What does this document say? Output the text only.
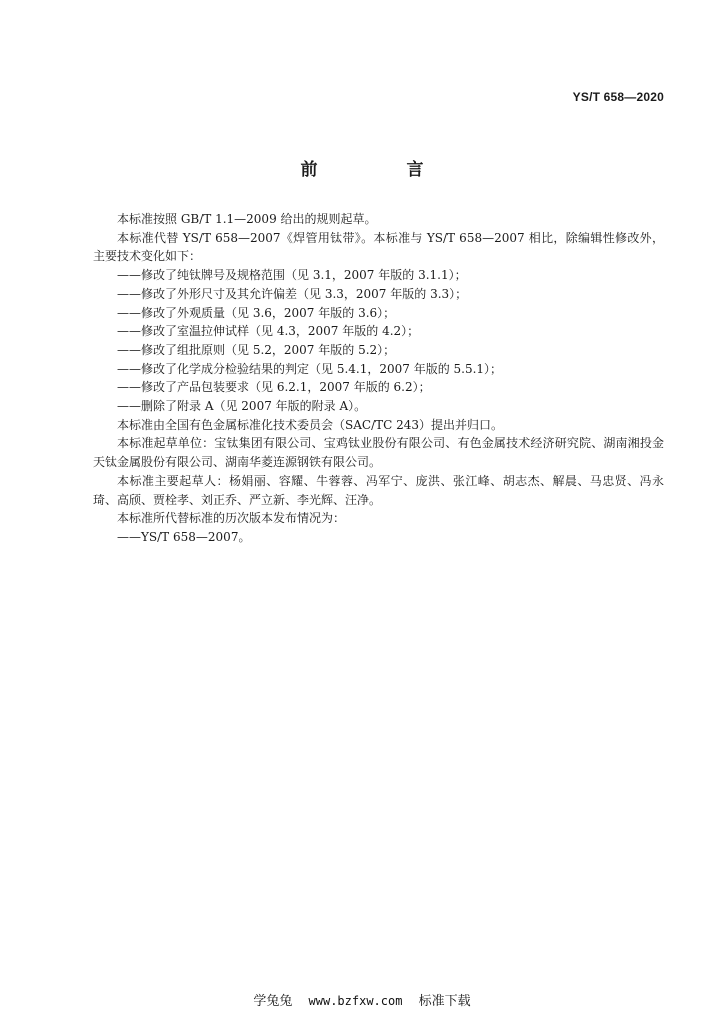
YS/T 658—2020
前　言

本标准按照 GB/T 1.1—2009 给出的规则起草。

本标准代替 YS/T 658—2007《焊管用钛带》。本标准与 YS/T 658—2007 相比，除编辑性修改外，主要技术变化如下：

——修改了纯钛牌号及规格范围（见 3.1，2007 年版的 3.1.1）；

——修改了外形尺寸及其允许偏差（见 3.3，2007 年版的 3.3）；

——修改了外观质量（见 3.6，2007 年版的 3.6）；

——修改了室温拉伸试样（见 4.3，2007 年版的 4.2）；

——修改了组批原则（见 5.2，2007 年版的 5.2）；

——修改了化学成分检验结果的判定（见 5.4.1，2007 年版的 5.5.1）；

——修改了产品包装要求（见 6.2.1，2007 年版的 6.2）；

——删除了附录 A（见 2007 年版的附录 A）。

本标准由全国有色金属标准化技术委员会（SAC/TC 243）提出并归口。

本标准起草单位：宝钛集团有限公司、宝鸡钛业股份有限公司、有色金属技术经济研究院、湖南湘投金天钛金属股份有限公司、湖南华菱连源钢铁有限公司。

本标准主要起草人：杨娟丽、容耀、牛蓉蓉、冯军宁、庞洪、张江峰、胡志杰、解晨、马忠贤、冯永琦、高颀、贾栓孝、刘正乔、严立新、李光辉、汪净。

本标准所代替标准的历次版本发布情况为：

——YS/T 658—2007。

学兔兔 www.bzfxw.com 标准下载
